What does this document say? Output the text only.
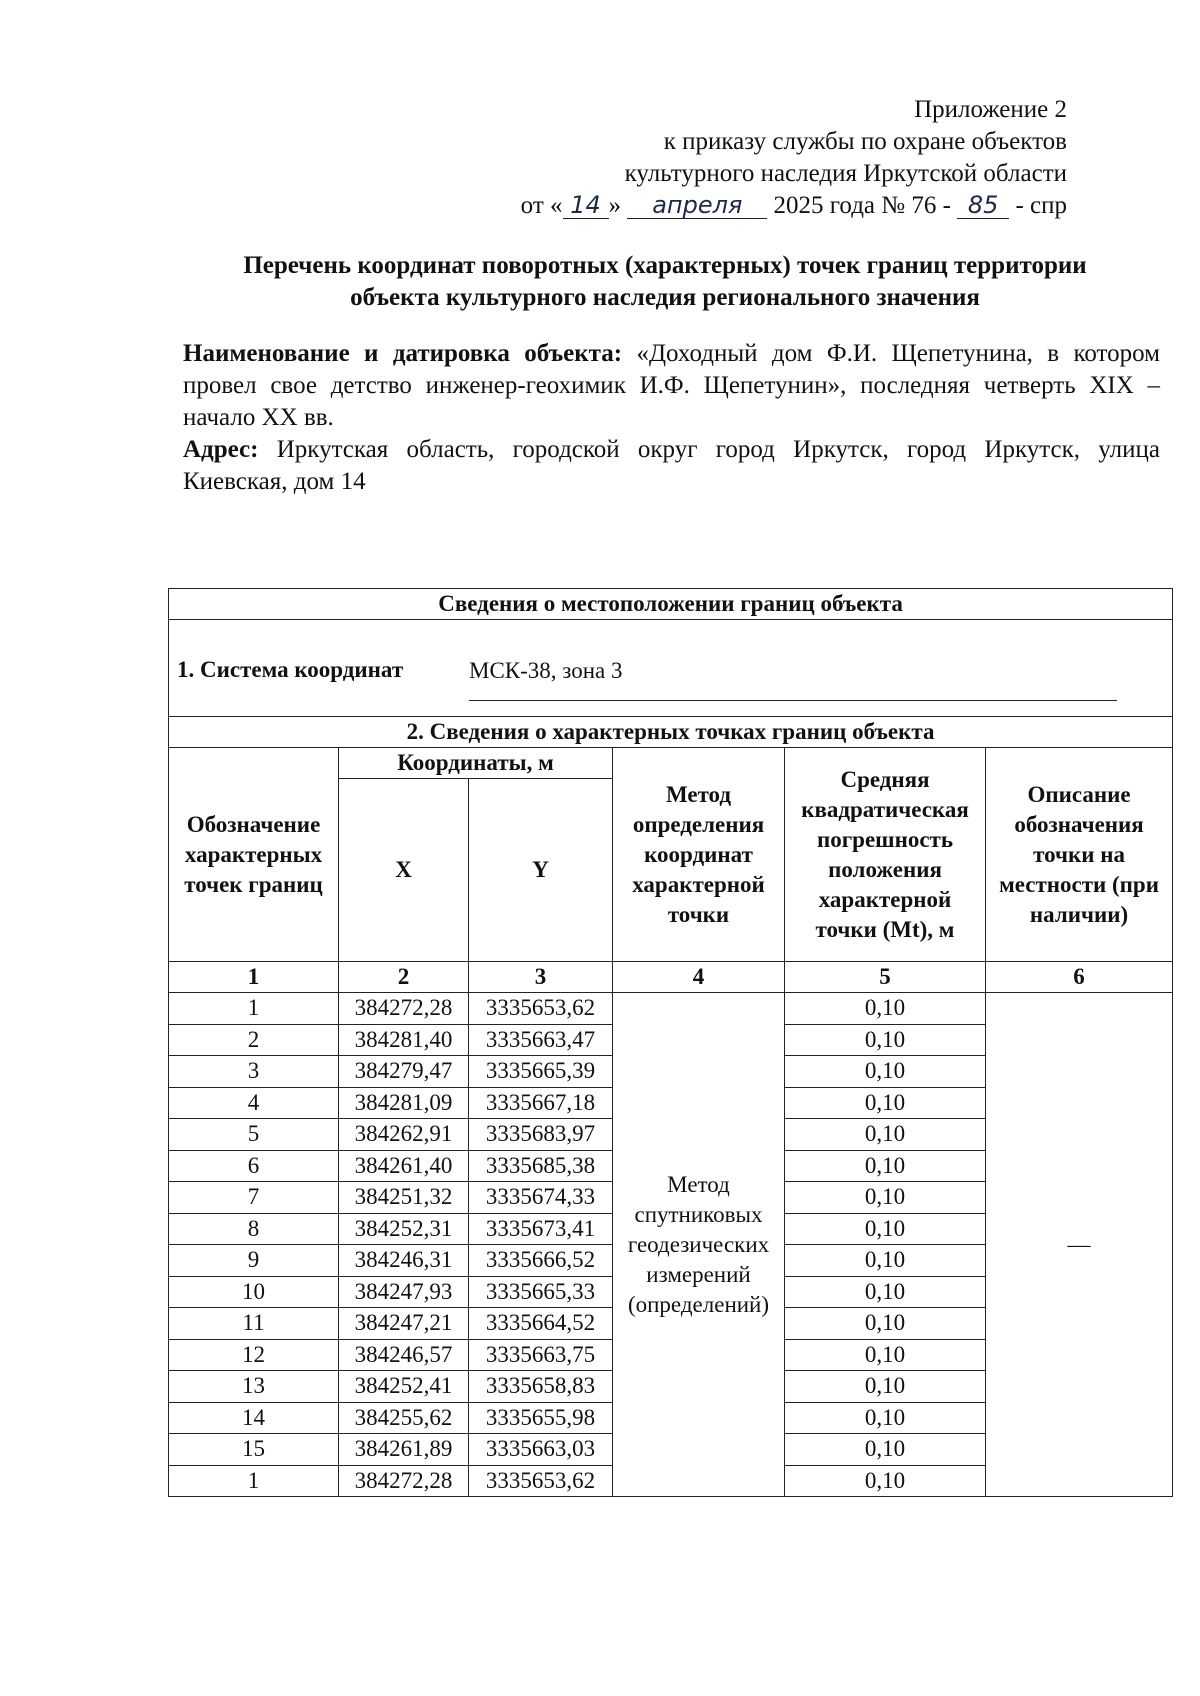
Приложение 2
к приказу службы по охране объектов
культурного наследия Иркутской области
от « 14 » апреля 2025 года № 76 - 85 - спр
Перечень координат поворотных (характерных) точек границ территории
объекта культурного наследия регионального значения

Наименование и датировка объекта: «Доходный дом Ф.И. Щепетунина, в котором провел свое детство инженер-геохимик И.Ф. Щепетунин», последняя четверть XIX – начало XX вв.

Адрес: Иркутская область, городской округ город Иркутск, город Иркутск, улица Киевская, дом 14

Сведения о местоположении границ объекта					

1. Система координат МСК-38, зона 3					

2. Сведения о характерных точках границ объекта					
Обозначение характерных точек границ	Координаты, м		Метод определения координат характерной точки	Средняя квадратическая погрешность положения характерной точки (Mt), м	Описание обозначения точки на местности (при наличии)
	X	Y			
1	2	3	4	5	6
1	384272,28	3335653,62	Метод спутниковых геодезических измерений (определений)	0,10	—
2	384281,40	3335663,47		0,10	
3	384279,47	3335665,39		0,10	
4	384281,09	3335667,18		0,10	
5	384262,91	3335683,97		0,10	
6	384261,40	3335685,38		0,10	
7	384251,32	3335674,33		0,10	
8	384252,31	3335673,41		0,10	
9	384246,31	3335666,52		0,10	
10	384247,93	3335665,33		0,10	
11	384247,21	3335664,52		0,10	
12	384246,57	3335663,75		0,10	
13	384252,41	3335658,83		0,10	
14	384255,62	3335655,98		0,10	
15	384261,89	3335663,03		0,10	
1	384272,28	3335653,62		0,10	
